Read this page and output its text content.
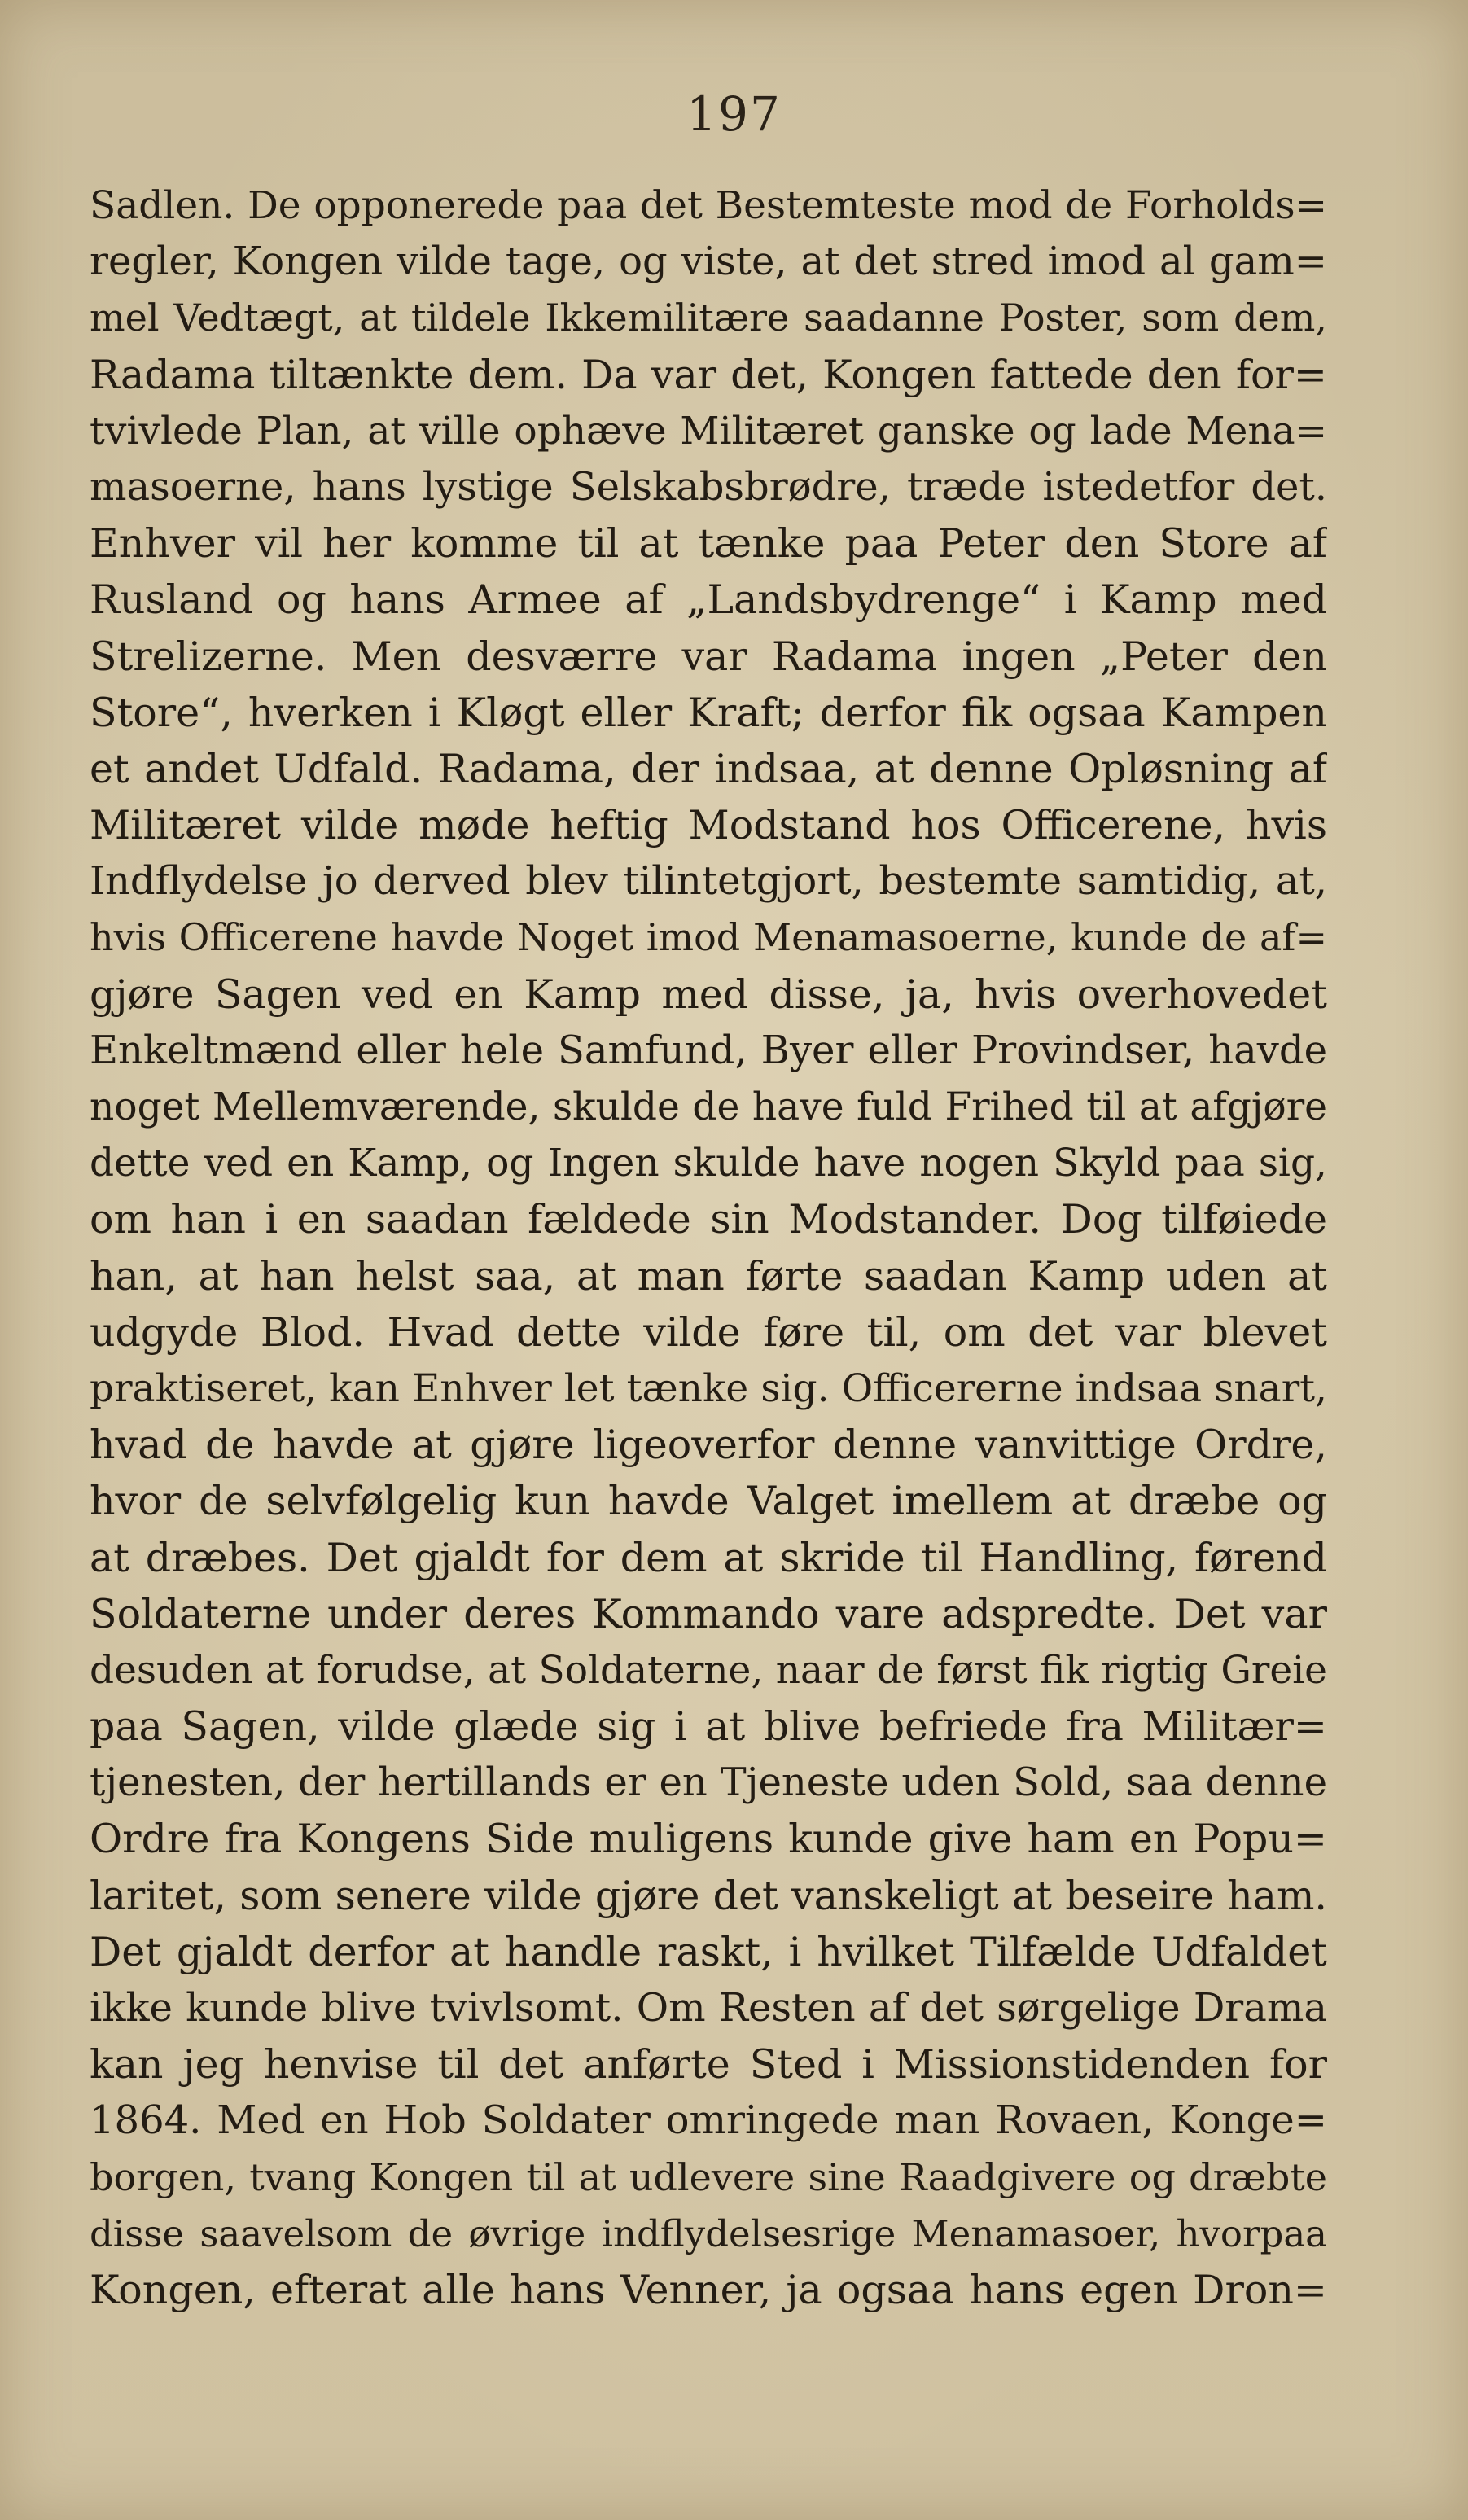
197
Sadlen. De opponerede paa det Bestemteste mod de Forholds=
regler, Kongen vilde tage, og viste, at det stred imod al gam=
mel Vedtægt, at tildele Ikkemilitære saadanne Poster, som dem,
Radama tiltænkte dem. Da var det, Kongen fattede den for=
tvivlede Plan, at ville ophæve Militæret ganske og lade Mena=
masoerne, hans lystige Selskabsbrødre, træde istedetfor det.
Enhver vil her komme til at tænke paa Peter den Store af
Rusland og hans Armee af „Landsbydrenge“ i Kamp med
Strelizerne. Men desværre var Radama ingen „Peter den
Store“, hverken i Kløgt eller Kraft; derfor fik ogsaa Kampen
et andet Udfald. Radama, der indsaa, at denne Opløsning af
Militæret vilde møde heftig Modstand hos Officerene, hvis
Indflydelse jo derved blev tilintetgjort, bestemte samtidig, at,
hvis Officerene havde Noget imod Menamasoerne, kunde de af=
gjøre Sagen ved en Kamp med disse, ja, hvis overhovedet
Enkeltmænd eller hele Samfund, Byer eller Provindser, havde
noget Mellemværende, skulde de have fuld Frihed til at afgjøre
dette ved en Kamp, og Ingen skulde have nogen Skyld paa sig,
om han i en saadan fældede sin Modstander. Dog tilføiede
han, at han helst saa, at man førte saadan Kamp uden at
udgyde Blod. Hvad dette vilde føre til, om det var blevet
praktiseret, kan Enhver let tænke sig. Officererne indsaa snart,
hvad de havde at gjøre ligeoverfor denne vanvittige Ordre,
hvor de selvfølgelig kun havde Valget imellem at dræbe og
at dræbes. Det gjaldt for dem at skride til Handling, førend
Soldaterne under deres Kommando vare adspredte. Det var
desuden at forudse, at Soldaterne, naar de først fik rigtig Greie
paa Sagen, vilde glæde sig i at blive befriede fra Militær=
tjenesten, der hertillands er en Tjeneste uden Sold, saa denne
Ordre fra Kongens Side muligens kunde give ham en Popu=
laritet, som senere vilde gjøre det vanskeligt at beseire ham.
Det gjaldt derfor at handle raskt, i hvilket Tilfælde Udfaldet
ikke kunde blive tvivlsomt. Om Resten af det sørgelige Drama
kan jeg henvise til det anførte Sted i Missionstidenden for
1864. Med en Hob Soldater omringede man Rovaen, Konge=
borgen, tvang Kongen til at udlevere sine Raadgivere og dræbte
disse saavelsom de øvrige indflydelsesrige Menamasoer, hvorpaa
Kongen, efterat alle hans Venner, ja ogsaa hans egen Dron=
